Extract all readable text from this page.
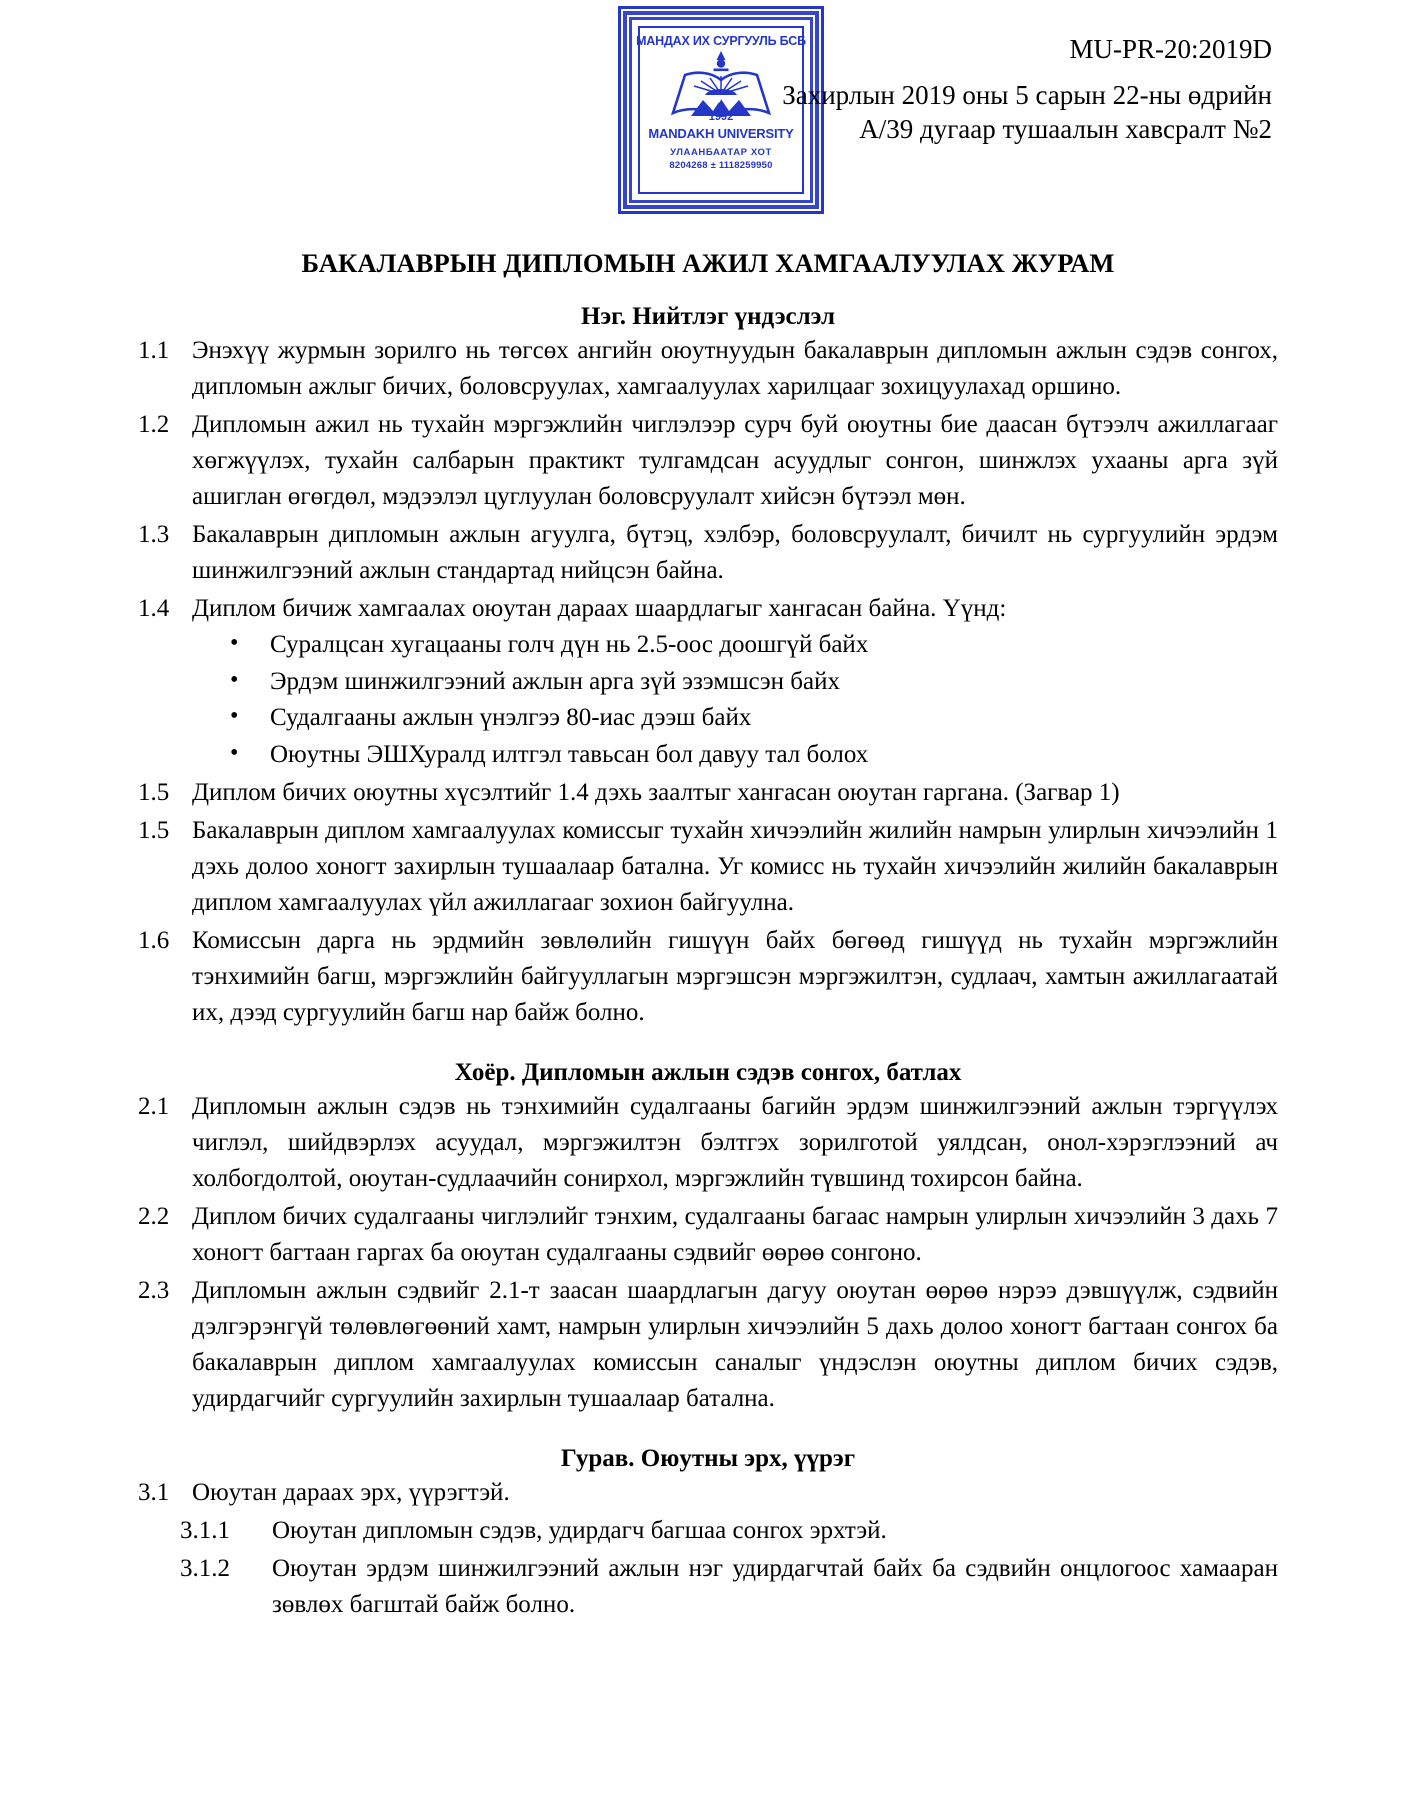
MU-PR-20:2019D
Захирлын 2019 оны 5 сарын 22-ны өдрийн
А/39 дугаар тушаалын хавсралт №2
МАНДАХ ИХ СУРГУУЛЬ БСБ
1992
MANDAKH UNIVERSITY
УЛААНБААТАР ХОТ
8204268 ± 1118259950
БАКАЛАВРЫН ДИПЛОМЫН АЖИЛ ХАМГААЛУУЛАХ ЖУРАМ
Нэг. Нийтлэг үндэслэл
1.1 Энэхүү журмын зорилго нь төгсөх ангийн оюутнуудын бакалаврын дипломын ажлын сэдэв сонгох, дипломын ажлыг бичих, боловсруулах, хамгаалуулах харилцааг зохицуулахад оршино.
1.2 Дипломын ажил нь тухайн мэргэжлийн чиглэлээр сурч буй оюутны бие даасан бүтээлч ажиллагааг хөгжүүлэх, тухайн салбарын практикт тулгамдсан асуудлыг сонгон, шинжлэх ухааны арга зүй ашиглан өгөгдөл, мэдээлэл цуглуулан боловсруулалт хийсэн бүтээл мөн.
1.3 Бакалаврын дипломын ажлын агуулга, бүтэц, хэлбэр, боловсруулалт, бичилт нь сургуулийн эрдэм шинжилгээний ажлын стандартад нийцсэн байна.
1.4 Диплом бичиж хамгаалах оюутан дараах шаардлагыг хангасан байна. Үүнд:
• Суралцсан хугацааны голч дүн нь 2.5-оос доошгүй байх
• Эрдэм шинжилгээний ажлын арга зүй эзэмшсэн байх
• Судалгааны ажлын үнэлгээ 80-иас дээш байх
• Оюутны ЭШХуралд илтгэл тавьсан бол давуу тал болох
1.5 Диплом бичих оюутны хүсэлтийг 1.4 дэхь заалтыг хангасан оюутан гаргана. (Загвар 1)
1.5 Бакалаврын диплом хамгаалуулах комиссыг тухайн хичээлийн жилийн намрын улирлын хичээлийн 1 дэхь долоо хоногт захирлын тушаалаар батална. Уг комисс нь тухайн хичээлийн жилийн бакалаврын диплом хамгаалуулах үйл ажиллагааг зохион байгуулна.
1.6 Комиссын дарга нь эрдмийн зөвлөлийн гишүүн байх бөгөөд гишүүд нь тухайн мэргэжлийн тэнхимийн багш, мэргэжлийн байгууллагын мэргэшсэн мэргэжилтэн, судлаач, хамтын ажиллагаатай их, дээд сургуулийн багш нар байж болно.
Хоёр. Дипломын ажлын сэдэв сонгох, батлах
2.1 Дипломын ажлын сэдэв нь тэнхимийн судалгааны багийн эрдэм шинжилгээний ажлын тэргүүлэх чиглэл, шийдвэрлэх асуудал, мэргэжилтэн бэлтгэх зорилготой уялдсан, онол-хэрэглээний ач холбогдолтой, оюутан-судлаачийн сонирхол, мэргэжлийн түвшинд тохирсон байна.
2.2 Диплом бичих судалгааны чиглэлийг тэнхим, судалгааны багаас намрын улирлын хичээлийн 3 дахь 7 хоногт багтаан гаргах ба оюутан судалгааны сэдвийг өөрөө сонгоно.
2.3 Дипломын ажлын сэдвийг 2.1-т заасан шаардлагын дагуу оюутан өөрөө нэрээ дэвшүүлж, сэдвийн дэлгэрэнгүй төлөвлөгөөний хамт, намрын улирлын хичээлийн 5 дахь долоо хоногт багтаан сонгох ба бакалаврын диплом хамгаалуулах комиссын саналыг үндэслэн оюутны диплом бичих сэдэв, удирдагчийг сургуулийн захирлын тушаалаар батална.
Гурав. Оюутны эрх, үүрэг
3.1 Оюутан дараах эрх, үүрэгтэй.
3.1.1	Оюутан дипломын сэдэв, удирдагч багшаа сонгох эрхтэй.
3.1.2	Оюутан эрдэм шинжилгээний ажлын нэг удирдагчтай байх ба сэдвийн онцлогоос хамааран зөвлөх багштай байж болно.
